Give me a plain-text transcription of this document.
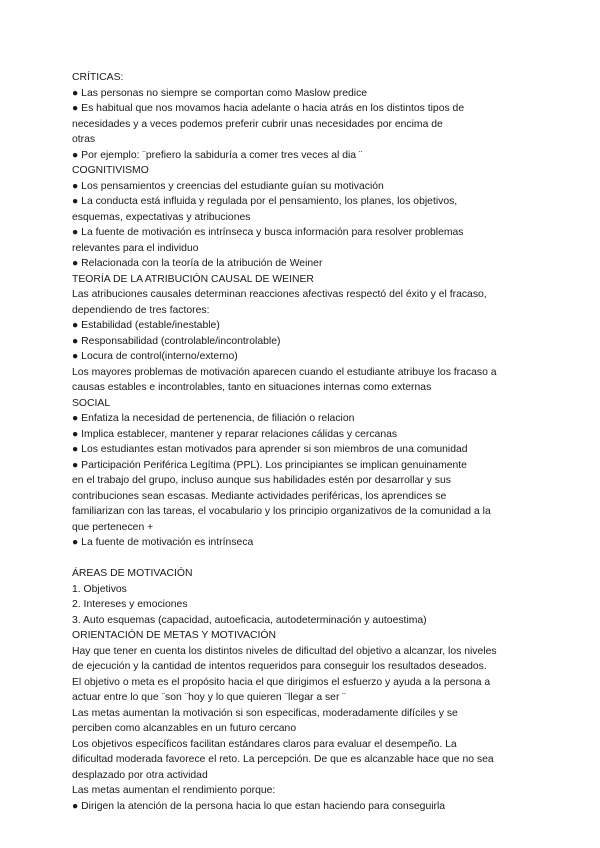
CRÍTICAS:
● Las personas no siempre se comportan como Maslow predice
● Es habitual que nos movamos hacia adelante o hacia atrás en los distintos tipos de
necesidades y a veces podemos preferir cubrir unas necesidades por encima de
otras
● Por ejemplo: ¨prefiero la sabiduría a comer tres veces al dia ¨
COGNITIVISMO
● Los pensamientos y creencias del estudiante guían su motivación
● La conducta está influida y regulada por el pensamiento, los planes, los objetivos,
esquemas, expectativas y atribuciones
● La fuente de motivación es intrínseca y busca información para resolver problemas
relevantes para el individuo
● Relacionada con la teoría de la atribución de Weiner
TEORÍA DE LA ATRIBUCIÓN CAUSAL DE WEINER
Las atribuciones causales determinan reacciones afectivas respectó del éxito y el fracaso,
dependiendo de tres factores:
● Estabilidad (estable/inestable)
● Responsabilidad (controlable/incontrolable)
● Locura de control(interno/externo)
Los mayores problemas de motivación aparecen cuando el estudiante atribuye los fracaso a
causas estables e incontrolables, tanto en situaciones internas como externas
SOCIAL
● Enfatiza la necesidad de pertenencia, de filiación o relacion
● Implica establecer, mantener y reparar relaciones cálidas y cercanas
● Los estudiantes estan motivados para aprender si son miembros de una comunidad
● Participación Periférica Legítima (PPL). Los principiantes se implican genuinamente
en el trabajo del grupo, incluso aunque sus habilidades estén por desarrollar y sus
contribuciones sean escasas. Mediante actividades periféricas, los aprendices se
familiarizan con las tareas, el vocabulario y los principio organizativos de la comunidad a la
que pertenecen +
● La fuente de motivación es intrínseca
ÁREAS DE MOTIVACIÓN
1. Objetivos
2. Intereses y emociones
3. Auto esquemas (capacidad, autoeficacia, autodeterminación y autoestima)
ORIENTACIÓN DE METAS Y MOTIVACIÓN
Hay que tener en cuenta los distintos niveles de dificultad del objetivo a alcanzar, los niveles
de ejecución y la cantidad de intentos requeridos para conseguir los resultados deseados.
El objetivo o meta es el propósito hacia el que dirigimos el esfuerzo y ayuda a la persona a
actuar entre lo que ¨son ¨hoy y lo que quieren ¨llegar a ser ¨
Las metas aumentan la motivación si son especificas, moderadamente difíciles y se
perciben como alcanzables en un futuro cercano
Los objetivos específicos facilitan estándares claros para evaluar el desempeño. La
dificultad moderada favorece el reto. La percepción. De que es alcanzable hace que no sea
desplazado por otra actividad
Las metas aumentan el rendimiento porque:
● Dirigen la atención de la persona hacia lo que estan haciendo para conseguirla
